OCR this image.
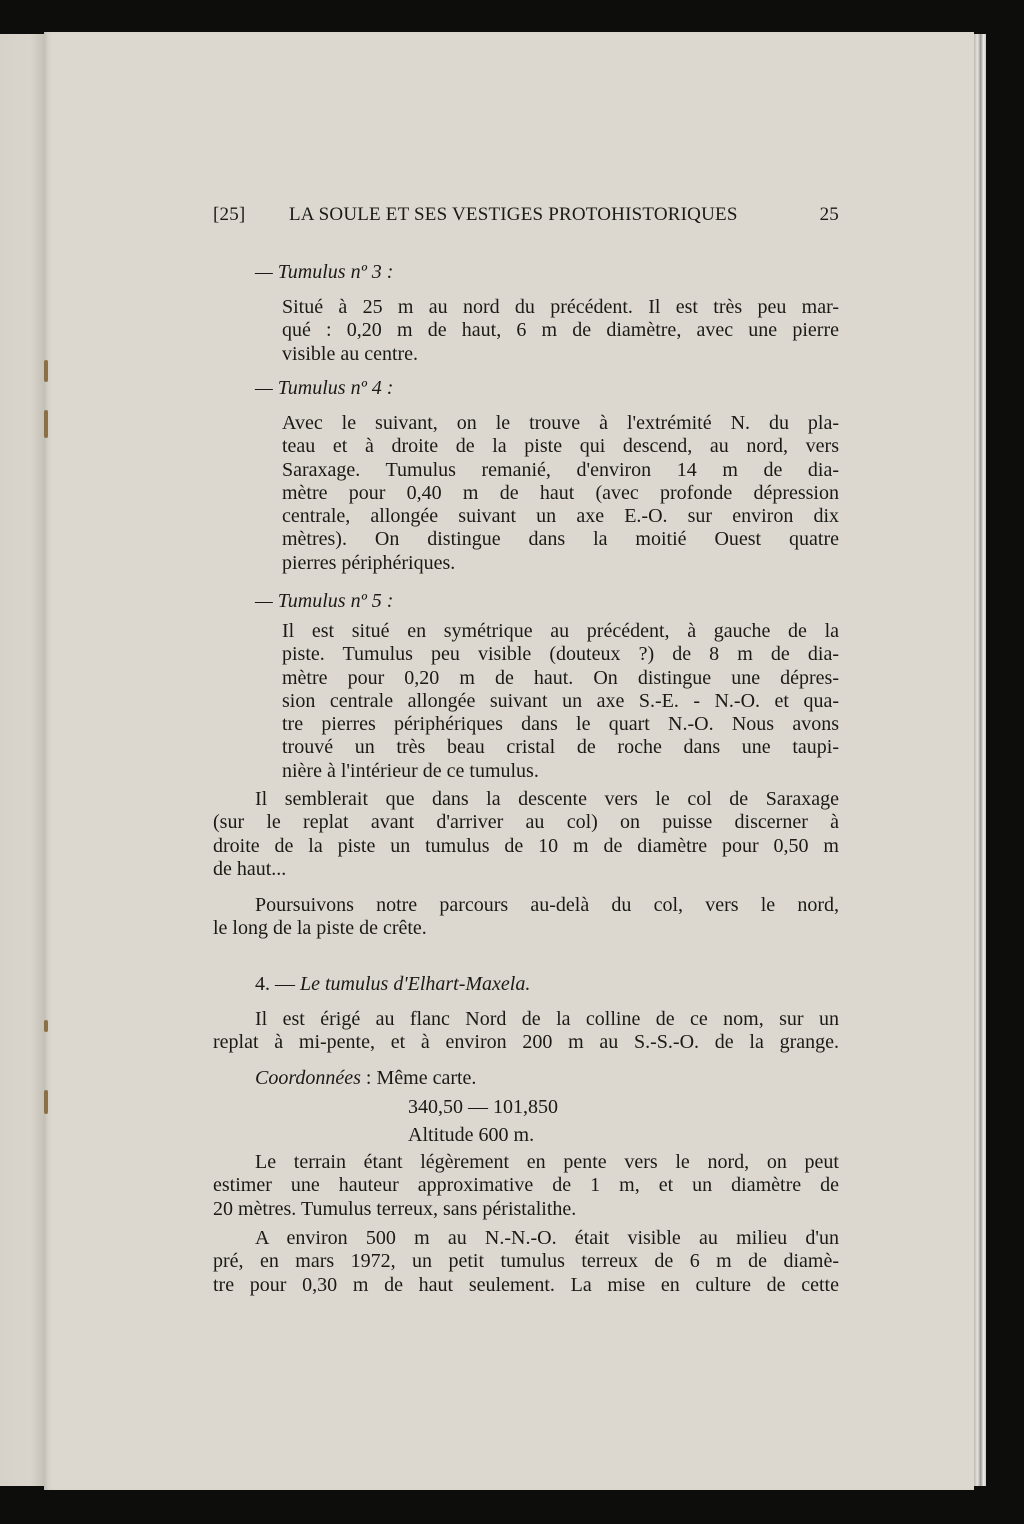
[25] LA SOULE ET SES VESTIGES PROTOHISTORIQUES	25
— Tumulus nº 3 :
Situé à 25 m au nord du précédent. Il est très peu mar-
qué : 0,20 m de haut, 6 m de diamètre, avec une pierre
visible au centre.
— Tumulus nº 4 :
Avec le suivant, on le trouve à l'extrémité N. du pla-
teau et à droite de la piste qui descend, au nord, vers
Saraxage. Tumulus remanié, d'environ 14 m de dia-
mètre pour 0,40 m de haut (avec profonde dépression
centrale, allongée suivant un axe E.-O. sur environ dix
mètres). On distingue dans la moitié Ouest quatre
pierres périphériques.
— Tumulus nº 5 :
Il est situé en symétrique au précédent, à gauche de la
piste. Tumulus peu visible (douteux ?) de 8 m de dia-
mètre pour 0,20 m de haut. On distingue une dépres-
sion centrale allongée suivant un axe S.-E. - N.-O. et qua-
tre pierres périphériques dans le quart N.-O. Nous avons
trouvé un très beau cristal de roche dans une taupi-
nière à l'intérieur de ce tumulus.
Il semblerait que dans la descente vers le col de Saraxage
(sur le replat avant d'arriver au col) on puisse discerner à
droite de la piste un tumulus de 10 m de diamètre pour 0,50 m
de haut...
Poursuivons notre parcours au-delà du col, vers le nord,
le long de la piste de crête.
4. — Le tumulus d'Elhart-Maxela.
Il est érigé au flanc Nord de la colline de ce nom, sur un
replat à mi-pente, et à environ 200 m au S.-S.-O. de la grange.
Coordonnées : Même carte.
340,50 — 101,850
Altitude 600 m.
Le terrain étant légèrement en pente vers le nord, on peut
estimer une hauteur approximative de 1 m, et un diamètre de
20 mètres. Tumulus terreux, sans péristalithe.
A environ 500 m au N.-N.-O. était visible au milieu d'un
pré, en mars 1972, un petit tumulus terreux de 6 m de diamè-
tre pour 0,30 m de haut seulement. La mise en culture de cette
